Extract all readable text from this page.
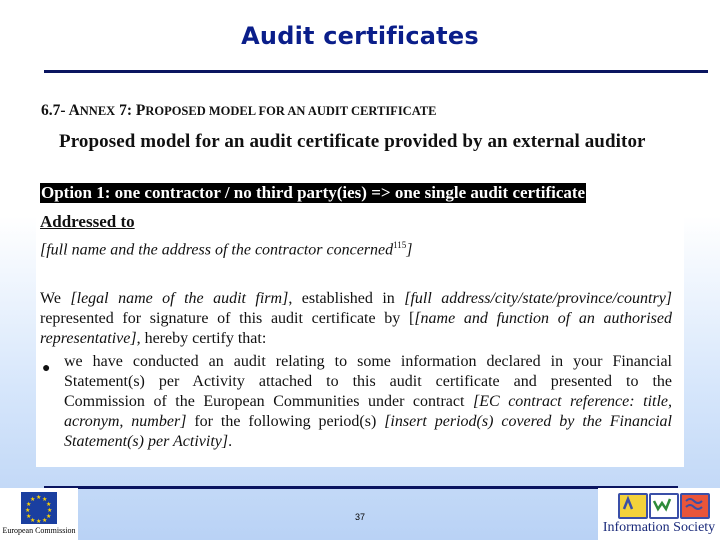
Audit certificates
6.7- ANNEX 7: PROPOSED MODEL FOR AN AUDIT CERTIFICATE
Proposed model for an audit certificate provided by an external auditor
Option 1: one contractor / no third party(ies) => one single audit certificate
Addressed to
[full name and the address of the contractor concerned$^{115}$]
We [legal name of the audit firm], established in [full address/city/state/province/country]
represented for signature of this audit certificate by [[name and function of an authorised
representative], hereby certify that:
● we have conducted an audit relating to some information declared in your Financial
Statement(s) per Activity attached to this audit certificate and presented to the
Commission of the European Communities under contract [EC contract reference: title,
acronym, number] for the following period(s) [insert period(s) covered by the Financial
Statement(s) per Activity].
★ ★
★
★
★
★
★
★
★
★
★
★
European Commission
37
Information Society
